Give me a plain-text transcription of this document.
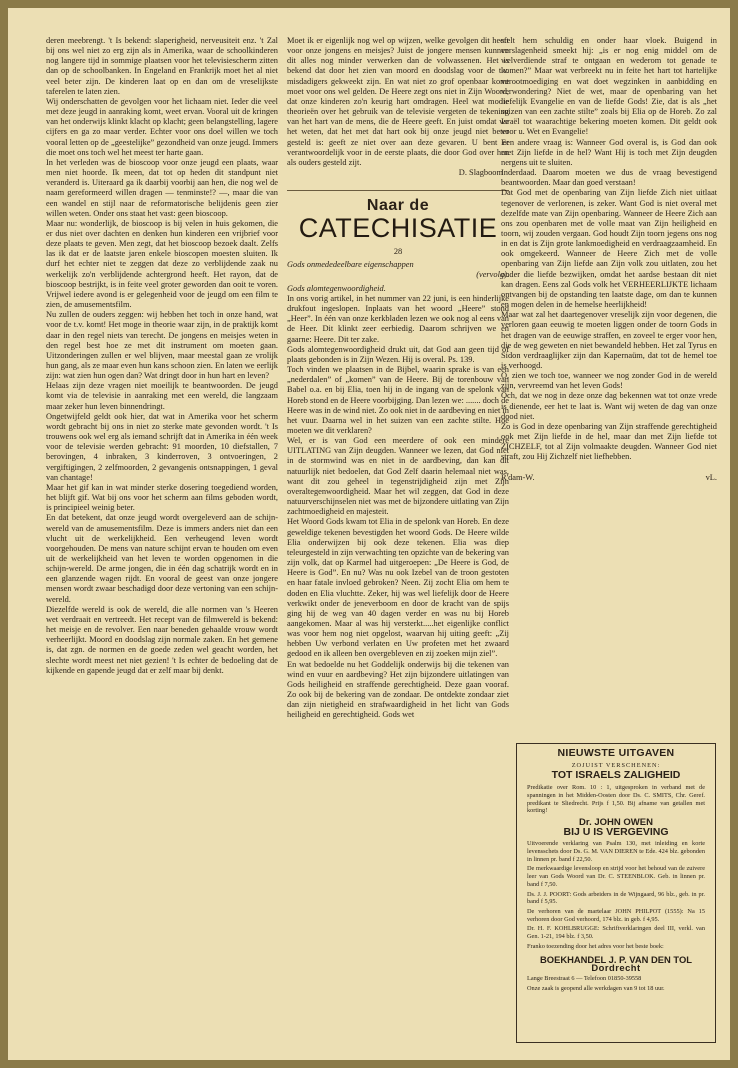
deren meebrengt. 't Is bekend: slaperigheid, nerveusiteit enz. 't Zal bij ons wel niet zo erg zijn als in Amerika, waar de schoolkinderen nog langere tijd in sommige plaatsen voor het televisiescherm zitten dan op de schoolbanken. In Engeland en Frankrijk moet het al niet veel beter zijn. De kinderen laat op en dan om de vreselijkste taferelen te laten zien.

Wij onderschatten de gevolgen voor het lichaam niet. Ieder die veel met deze jeugd in aanraking komt, weet ervan. Vooral uit de kringen van het onderwijs klinkt klacht op klacht; geen belangstelling, lagere cijfers en ga zo maar verder. Echter voor ons doel willen we toch vooral letten op de „geestelijke” gezondheid van onze jeugd. Immers die moet ons toch wel het meest ter harte gaan.

In het verleden was de bioscoop voor onze jeugd een plaats, waar men niet hoorde. Ik meen, dat tot op heden dit standpunt niet veranderd is. Uiteraard ga ik daarbij voorbij aan hen, die nog wel de naam gereformeerd willen dragen — tenminste!? —, maar die van een wandel en stijl naar de reformatorische belijdenis geen zier willen weten. Onder ons staat het vast: geen bioscoop.

Maar nu: wonderlijk, de bioscoop is bij velen in huis gekomen, die er dus niet over dachten en denken hun kinderen een vrijbrief voor deze plaats te geven. Men zegt, dat het bioscoop bezoek daalt. Zelfs las ik dat er de laatste jaren enkele bioscopen moesten sluiten. Ik durf het echter niet te zeggen dat deze zo verblijdende zaak nu werkelijk zo'n verblijdende achtergrond heeft. Het rayon, dat de bioscoop bestrijkt, is in feite veel groter geworden dan ooit te voren. Vrijwel iedere avond is er gelegenheid voor de jeugd om een film te zien, de amusementsfilm.

Nu zullen de ouders zeggen: wij hebben het toch in onze hand, wat voor de t.v. komt! Het moge in theorie waar zijn, in de praktijk komt daar in den regel niets van terecht. De jongens en meisjes weten in den regel best hoe ze met dit instrument om moeten gaan. Uitzonderingen zullen er wel blijven, maar meestal gaan ze vrolijk hun gang, als ze maar even hun kans schoon zien. En laten we eerlijk zijn: wat zien hun ogen dan? Wat dringt door in hun hart en leven?

Helaas zijn deze vragen niet moeilijk te beantwoorden. De jeugd komt via de televisie in aanraking met een wereld, die langzaam maar zeker hun leven binnendringt.

Ongetwijfeld geldt ook hier, dat wat in Amerika voor het scherm wordt gebracht bij ons in niet zo sterke mate gevonden wordt. 't Is trouwens ook wel erg als iemand schrijft dat in Amerika in één week voor de televisie werden gebracht: 91 moorden, 10 diefstallen, 7 berovingen, 4 inbraken, 3 kinderroven, 3 ontvoeringen, 2 vergiftigingen, 2 zelfmoorden, 2 gevangenis ontsnappingen, 1 geval van chantage!

Maar het gif kan in wat minder sterke dosering toegediend worden, het blijft gif. Wat bij ons voor het scherm aan films geboden wordt, is principieel weinig beter.

En dat betekent, dat onze jeugd wordt overgeleverd aan de schijn-wereld van de amusementsfilm. Deze is immers anders niet dan een vlucht uit de werkelijkheid. Een verheugend leven wordt voorgehouden. De mens van nature schijnt ervan te houden om even uit de werkelijkheid van het leven te worden opgenomen in die schijn-wereld. De arme jongen, die in één dag schatrijk wordt en in een glanzende wagen rijdt. En vooral de geest van onze jongere mensen wordt zwaar beschadigd door deze vertoning van een schijn-wereld.

Diezelfde wereld is ook de wereld, die alle normen van 's Heeren wet verdraait en vertreedt. Het recept van de filmwereld is bekend: het meisje en de revolver. Een naar beneden gehaalde vrouw wordt verheerlijkt. Moord en doodslag zijn normale zaken. En het gemene is, dat zgn. de normen en de goede zeden wel geacht worden, het slechte wordt meest net niet gezien! 't Is echter de bedoeling dat de kijkende en gapende jeugd dat er zelf maar bij denkt.

Moet ik er eigenlijk nog wel op wijzen, welke gevolgen dit heeft voor onze jongens en meisjes? Juist de jongere mensen kunnen dit alles nog minder verwerken dan de volwassenen. Het is bekend dat door het zien van moord en doodslag voor de t.v. misdadigers gekweekt zijn. En wat niet zo grof openbaar komt moet voor ons wel gelden. De Heere zegt ons niet in Zijn Woord, dat onze kinderen zo'n keurig hart omdragen. Heel wat mooie theorieën over het gebruik van de televisie vergeten de tekening van het hart van de mens, die de Heere geeft. En juist omdat we het weten, dat het met dat hart ook bij onze jeugd niet beter gesteld is: geeft ze niet over aan deze gevaren. U bent er verantwoordelijk voor in de eerste plaats, die door God over hen als ouders gesteld zijt.

D. Slagboom

Naar de
CATECHISATIE
28

Gods onmededeelbare eigenschappen

(vervolg).

Gods alomtegenwoordigheid.

In ons vorig artikel, in het nummer van 22 juni, is een hinderlijke drukfout ingeslopen. Inplaats van het woord „Heere” stond „Heer”. In één van onze kerkbladen lezen we ook nog al eens van de Heer. Dit klinkt zeer eerbiedig. Daarom schrijven we en gaarne: Heere. Dit ter zake.

Gods alomtegenwoordigheid drukt uit, dat God aan geen tijd of plaats gebonden is in Zijn Wezen. Hij is overal. Ps. 139.

Toch vinden we plaatsen in de Bijbel, waarin sprake is van een „nederdalen” of „komen” van de Heere. Bij de torenbouw van Babel o.a. en bij Elia, toen hij in de ingang van de spelonk van Horeb stond en de Heere voorbijging. Dan lezen we: ....... doch de Heere was in de wind niet. Zo ook niet in de aardbeving en niet in het vuur. Daarna wel in het suizen van een zachte stilte. Hoe moeten we dit verklaren?

Wel, er is van God een meerdere of ook een mindere UITLATING van Zijn deugden. Wanneer we lezen, dat God niet in de stormwind was en niet in de aardbeving, dan kan dit natuurlijk niet bedoelen, dat God Zelf daarin helemaal niet was, want dit zou geheel in tegenstrijdigheid zijn met Zijn overaltegenwoordigheid. Maar het wil zeggen, dat God in deze natuurverschijnselen niet was met de bijzondere uitlating van Zijn zachtmoedigheid en majesteit.

Het Woord Gods kwam tot Elia in de spelonk van Horeb. En deze geweldige tekenen bevestigden het woord Gods. De Heere wilde Elia onderwijzen bij ook deze tekenen. Elia was diep teleurgesteld in zijn verwachting ten opzichte van de bekering van zijn volk, dat op Karmel had uitgeroepen: „De Heere is God, de Heere is God”. En nu? Was nu ook Izebel van de troon gestoten en haar fatale invloed gebroken? Neen. Zij zocht Elia om hem te doden en Elia vluchtte. Zeker, hij was wel liefelijk door de Heere verkwikt onder de jeneverboom en door de kracht van de spijs ging hij de weg van 40 dagen verder en was nu bij Horeb aangekomen. Maar al was hij versterkt.....het eigenlijke conflict was voor hem nog niet opgelost, waarvan hij uiting geeft: „Zij hebben Uw verbond verlaten en Uw profeten met het zwaard gedood en ik alleen ben overgebleven en zij zoeken mijn ziel”.

En wat bedoelde nu het Goddelijk onderwijs bij die tekenen van wind en vuur en aardbeving? Het zijn bijzondere uitlatingen van Gods heiligheid en straffende gerechtigheid. Deze gaan vooraf. Zo ook bij de bekering van de zondaar. De ontdekte zondaar ziet dan zijn nietigheid en strafwaardigheid in het licht van Gods heiligheid en gerechtigheid. Gods wet

stelt hem schuldig en onder haar vloek. Buigend in verslagenheid smeekt hij: „is er nog enig middel om de welverdiende straf te ontgaan en wederom tot genade te komen?” Maar wat verbreekt nu in feite het hart tot hartelijke verootmoediging en wat doet wegzinken in aanbidding en verwondering? Niet de wet, maar de openbaring van het liefelijk Evangelie en van de liefde Gods! Zie, dat is als „het suizen van een zachte stilte” zoals bij Elia op de Horeb. Zo zal Israël tot waarachtige bekering moeten komen. Dit geldt ook voor u. Wet en Evangelie!

Een andere vraag is: Wanneer God overal is, is God dan ook met Zijn liefde in de hel? Want Hij is toch met Zijn deugden nergens uit te sluiten.

Inderdaad. Daarom moeten we dus de vraag bevestigend beantwoorden. Maar dan goed verstaan!

Dat God met de openbaring van Zijn liefde Zich niet uitlaat tegenover de verlorenen, is zeker. Want God is niet overal met dezelfde mate van Zijn openbaring. Wanneer de Heere Zich aan ons zou openbaren met de volle maat van Zijn heiligheid en toorn, wij zouden vergaan. God houdt Zijn toorn jegens ons nog in en dat is Zijn grote lankmoedigheid en verdraagzaamheid. En ook omgekeerd. Wanneer de Heere Zich met de volle openbaring van Zijn liefde aan Zijn volk zou uitlaten, zou het onder die liefde bezwijken, omdat het aardse bestaan dit niet kan dragen. Eens zal Gods volk het VERHEERLIJKTE lichaam ontvangen bij de opstanding ten laatste dage, om dan te kunnen en mogen delen in de hemelse heerlijkheid!

Maar wat zal het daartegenover vreselijk zijn voor degenen, die verloren gaan eeuwig te moeten liggen onder de toorn Gods in het dragen van de eeuwige straffen, en zoveel te erger voor hen, die de weg geweten en niet bewandeld hebben. Het zal Tyrus en Sidon verdraaglijker zijn dan Kapernaüm, dat tot de hemel toe is verhoogd.

O, zien we toch toe, wanneer we nog zonder God in de wereld zijn, vervreemd van het leven Gods!

Och, dat we nog in deze onze dag bekennen wat tot onze vrede is dienende, eer het te laat is. Want wij weten de dag van onze dood niet.

Zo is God in deze openbaring van Zijn straffende gerechtigheid ook met Zijn liefde in de hel, maar dan met Zijn liefde tot ZICHZELF, tot al Zijn volmaakte deugden. Wanneer God niet straft, zou Hij Zichzelf niet liefhebben.

R'dam-W.	vL.
NIEUWSTE UITGAVEN
ZOJUIST VERSCHENEN:
TOT ISRAELS ZALIGHEID

Predikatie over Rom. 10 : 1, uitgesproken in verband met de spanningen in het Midden-Oosten door Ds. C. SMITS, Chr. Geref. predikant te Sliedrecht. Prijs f 1,50. Bij afname van getallen met korting!

Dr. JOHN OWEN
BIJ U IS VERGEVING

Uitvoerende verklaring van Psalm 130, met inleiding en korte levensschets door Ds. G. M. VAN DIEREN te Ede. 424 blz. gebonden in linnen pr. band f 22,50.

De merkwaardige levensloop en strijd voor het behoud van de zuivere leer van Gods Woord van Dr. C. STEENBLOK. Geb. in linnen pr. band f 7,50.

Ds. J. J. POORT: Gods arbeiders in de Wijngaard, 96 blz., geb. in pr. band f 5,95.

De verhoren van de martelaar JOHN PHILPOT (1555): Na 15 verhoren door God verhoord, 174 blz. in geb. f 4,95.

Dr. H. F. KOHLBRUGGE: Schriftverklaringen deel III, verkl. van Gen. 1-21, 194 blz. f 3,50.

Franko toezending door het adres voor het beste boek:

BOEKHANDEL J. P. VAN DEN TOL
Dordrecht

Lange Breestraat 6 — Telefoon 01850-39558

Onze zaak is geopend alle werkdagen van 9 tot 18 uur.
